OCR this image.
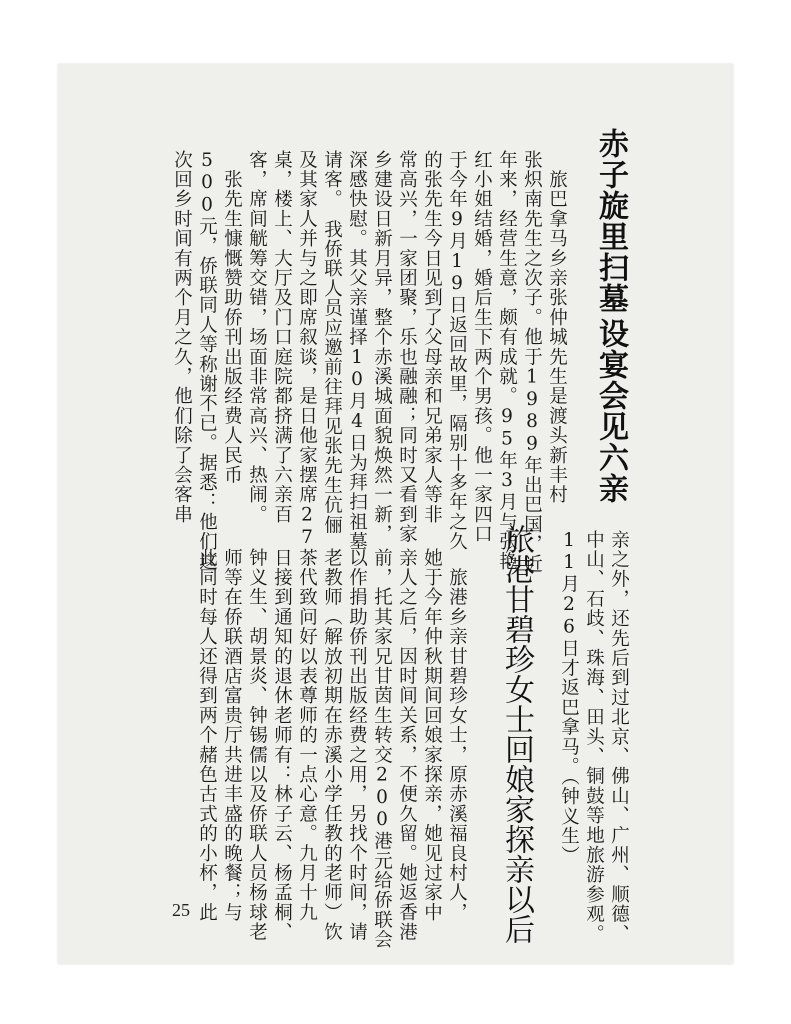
赤子旋里扫墓
设宴会见六亲

　旅巴拿马乡亲张仲城先生是渡头新丰村

张炽南先生之次子。他于1989年出巴国，近

年来，经营生意，颇有成就。95年3月与张艳

红小姐结婚，婚后生下两个男孩。他一家四口

于今年9月19日返回故里，隔别十多年之久

的张先生今日见到了父母亲和兄弟家人等非

常高兴，一家团聚，乐也融融；同时又看到家

乡建设日新月异，整个赤溪城面貌焕然一新，

深感快慰。其父亲谨择10月4日为拜扫祖墓

请客。　我侨联人员应邀前往拜见张先生伉俪

及其家人并与之即席叙谈，是日他家摆席27

桌，楼上、大厅及门口庭院都挤满了六亲百

客，席间觥筹交错，场面非常高兴、热闹。

　张先生慷慨赞助侨刊出版经费人民币

500元，侨联同人等称谢不已。据悉：他们这

次回乡时间有两个月之久，他们除了会客串

亲之外，还先后到过北京、佛山、广州、顺德、

中山、石歧、珠海、田头、铜鼓等地旅游参观。

11月26日才返巴拿马。（钟义生）

旅港甘碧珍女士回娘家探亲以后

　旅港乡亲甘碧珍女士，原赤溪福良村人，

她于今年仲秋期间回娘家探亲，她见过家中

亲人之后，因时间关系，不便久留。她返香港

前，托其家兄甘茵生转交200港元给侨联会

以作捐助侨刊出版经费之用，另找个时间，请

老教师（解放初期在赤溪小学任教的老师）饮

茶代致问好以表尊师的一点心意。九月十九

日接到通知的退休老师有：林子云、杨孟桐、

钟义生、胡景炎、钟锡儒以及侨联人员杨球老

师等在侨联酒店富贵厅共进丰盛的晚餐；与

此同时每人还得到两个赭色古式的小杯，此

25
